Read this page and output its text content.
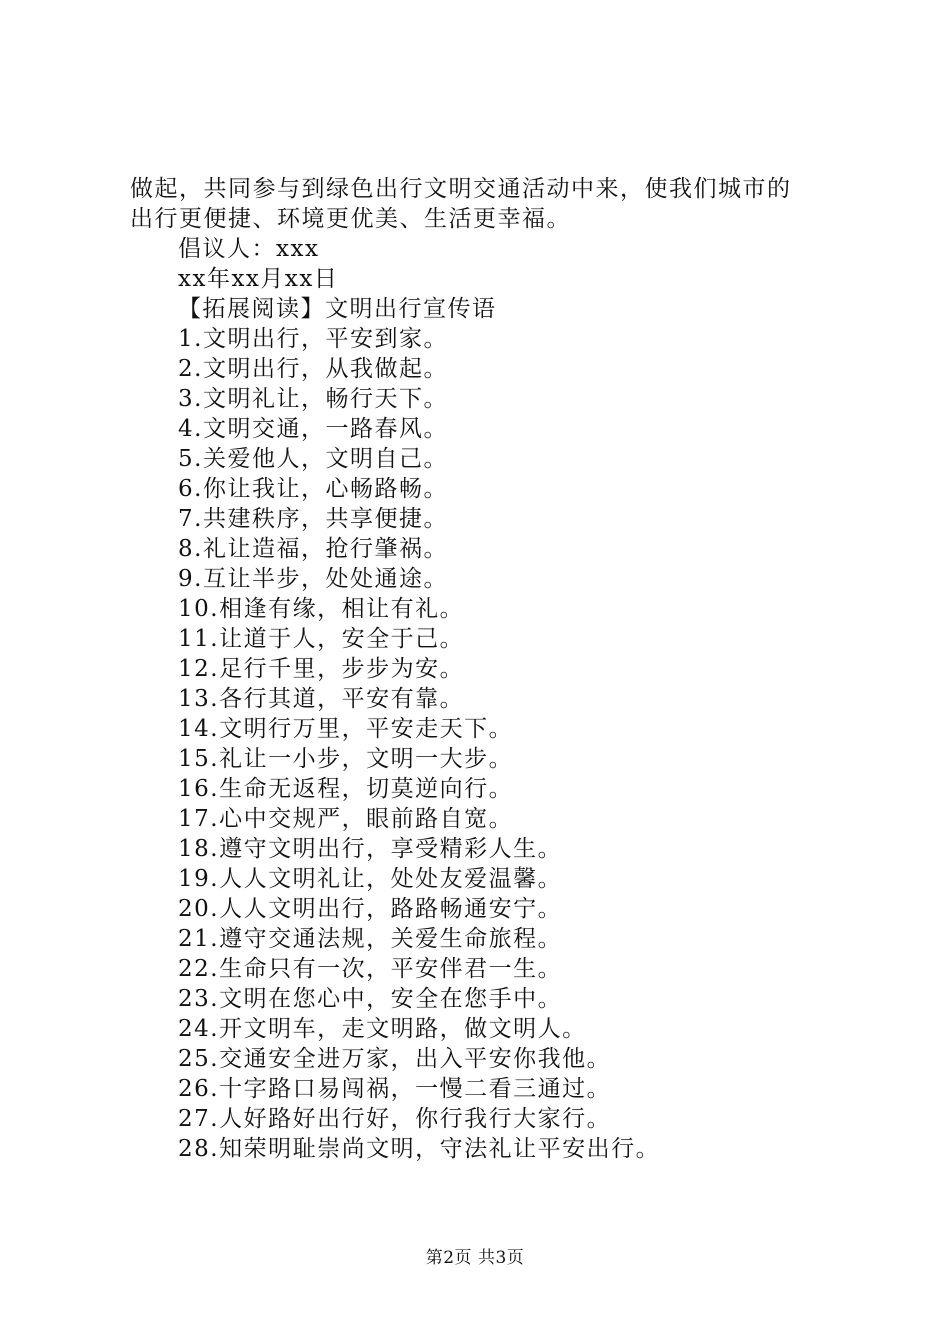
做起，共同参与到绿色出行文明交通活动中来，使我们城市的

出行更便捷、环境更优美、生活更幸福。

倡议人：xxx

xx年xx月xx日

【拓展阅读】文明出行宣传语

1.文明出行，平安到家。
2.文明出行，从我做起。
3.文明礼让，畅行天下。
4.文明交通，一路春风。
5.关爱他人，文明自己。
6.你让我让，心畅路畅。
7.共建秩序，共享便捷。
8.礼让造福，抢行肇祸。
9.互让半步，处处通途。
10.相逢有缘，相让有礼。
11.让道于人，安全于己。
12.足行千里，步步为安。
13.各行其道，平安有靠。
14.文明行万里，平安走天下。
15.礼让一小步，文明一大步。
16.生命无返程，切莫逆向行。
17.心中交规严，眼前路自宽。
18.遵守文明出行，享受精彩人生。
19.人人文明礼让，处处友爱温馨。
20.人人文明出行，路路畅通安宁。
21.遵守交通法规，关爱生命旅程。
22.生命只有一次，平安伴君一生。
23.文明在您心中，安全在您手中。
24.开文明车，走文明路，做文明人。
25.交通安全进万家，出入平安你我他。
26.十字路口易闯祸，一慢二看三通过。
27.人好路好出行好，你行我行大家行。
28.知荣明耻崇尚文明，守法礼让平安出行。
第2页 共3页
